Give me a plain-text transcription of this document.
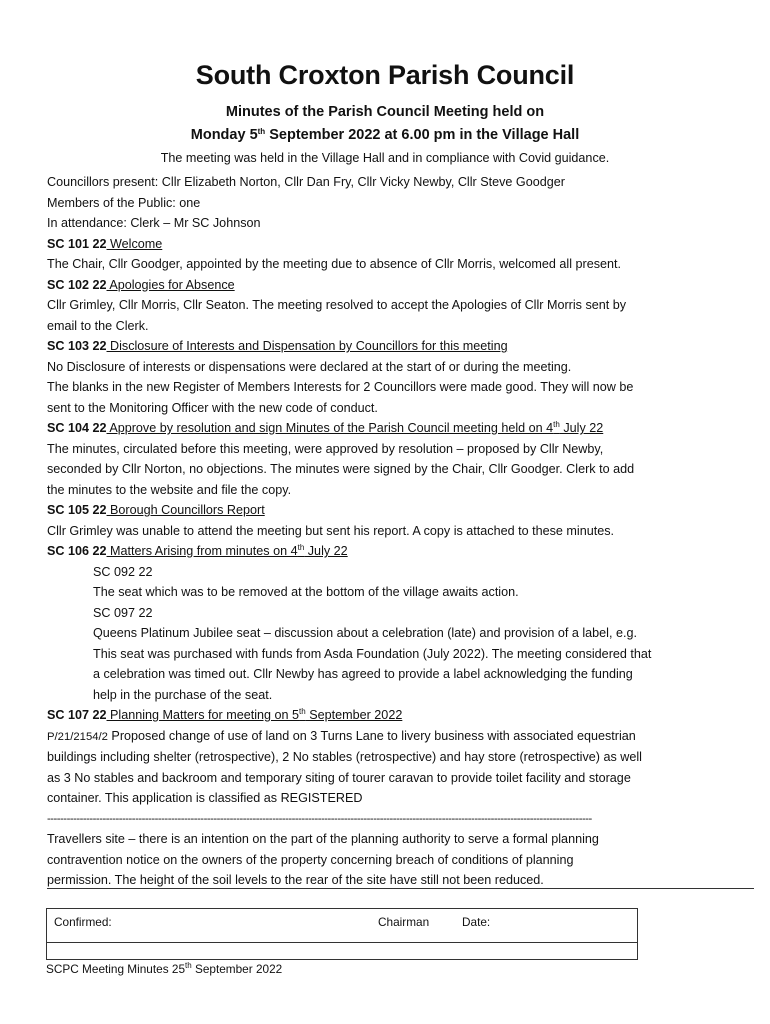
South Croxton Parish Council
Minutes of the Parish Council Meeting held on
Monday 5th September 2022 at 6.00 pm in the Village Hall
The meeting was held in the Village Hall and in compliance with Covid guidance.

Councillors present: Cllr Elizabeth Norton, Cllr Dan Fry, Cllr Vicky Newby, Cllr Steve Goodger

Members of the Public: one

In attendance: Clerk – Mr SC Johnson

SC 101 22 Welcome

The Chair, Cllr Goodger, appointed by the meeting due to absence of Cllr Morris, welcomed all present.

SC 102 22 Apologies for Absence

Cllr Grimley, Cllr Morris, Cllr Seaton. The meeting resolved to accept the Apologies of Cllr Morris sent by

email to the Clerk.

SC 103 22 Disclosure of Interests and Dispensation by Councillors for this meeting

No Disclosure of interests or dispensations were declared at the start of or during the meeting.

The blanks in the new Register of Members Interests for 2 Councillors were made good. They will now be

sent to the Monitoring Officer with the new code of conduct.

SC 104 22 Approve by resolution and sign Minutes of the Parish Council meeting held on 4th July 22

The minutes, circulated before this meeting, were approved by resolution – proposed by Cllr Newby,

seconded by Cllr Norton, no objections. The minutes were signed by the Chair, Cllr Goodger. Clerk to add

the minutes to the website and file the copy.

SC 105 22 Borough Councillors Report

Cllr Grimley was unable to attend the meeting but sent his report. A copy is attached to these minutes.

SC 106 22 Matters Arising from minutes on 4th July 22

SC 092 22

The seat which was to be removed at the bottom of the village awaits action.

SC 097 22

Queens Platinum Jubilee seat – discussion about a celebration (late) and provision of a label, e.g.

This seat was purchased with funds from Asda Foundation (July 2022). The meeting considered that

a celebration was timed out. Cllr Newby has agreed to provide a label acknowledging the funding

help in the purchase of the seat.

SC 107 22 Planning Matters for meeting on 5th September 2022

P/21/2154/2 Proposed change of use of land on 3 Turns Lane to livery business with associated equestrian

buildings including shelter (retrospective), 2 No stables (retrospective) and hay store (retrospective) as well

as 3 No stables and backroom and temporary siting of tourer caravan to provide toilet facility and storage

container. This application is classified as REGISTERED

-----------------------------------------------------------------------------------------------------------------------------------------------------------------------

Travellers site – there is an intention on the part of the planning authority to serve a formal planning

contravention notice on the owners of the property concerning breach of conditions of planning

permission. The height of the soil levels to the rear of the site have still not been reduced.

Confirmed:	Chairman	Date:
SCPC Meeting Minutes 25th September 2022
